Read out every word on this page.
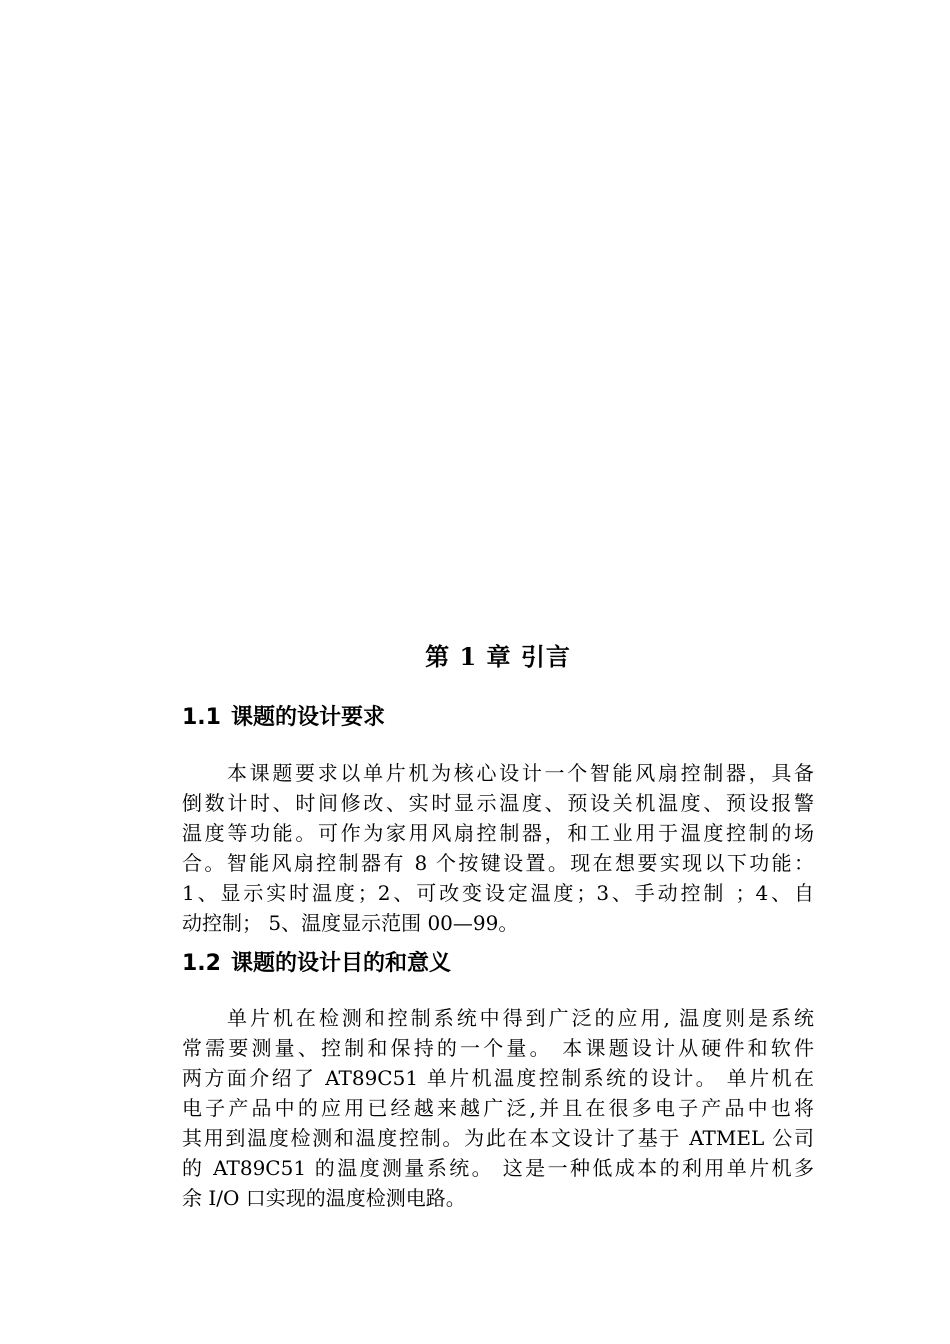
第 1 章 引言
1.1 课题的设计要求
本课题要求以单片机为核心设计一个智能风扇控制器，具备
倒数计时、时间修改、实时显示温度、预设关机温度、预设报警
温度等功能。可作为家用风扇控制器，和工业用于温度控制的场
合。智能风扇控制器有 8 个按键设置。现在想要实现以下功能：
1、显示实时温度；2、可改变设定温度；3、手动控制 ；4、自
动控制； 5、温度显示范围 00—99。
1.2 课题的设计目的和意义
单片机在检测和控制系统中得到广泛的应用, 温度则是系统
常需要测量、控制和保持的一个量。 本课题设计从硬件和软件
两方面介绍了 AT89C51 单片机温度控制系统的设计。 单片机在
电子产品中的应用已经越来越广泛,并且在很多电子产品中也将
其用到温度检测和温度控制。为此在本文设计了基于 ATMEL 公司
的 AT89C51 的温度测量系统。 这是一种低成本的利用单片机多
余 I/O 口实现的温度检测电路。
